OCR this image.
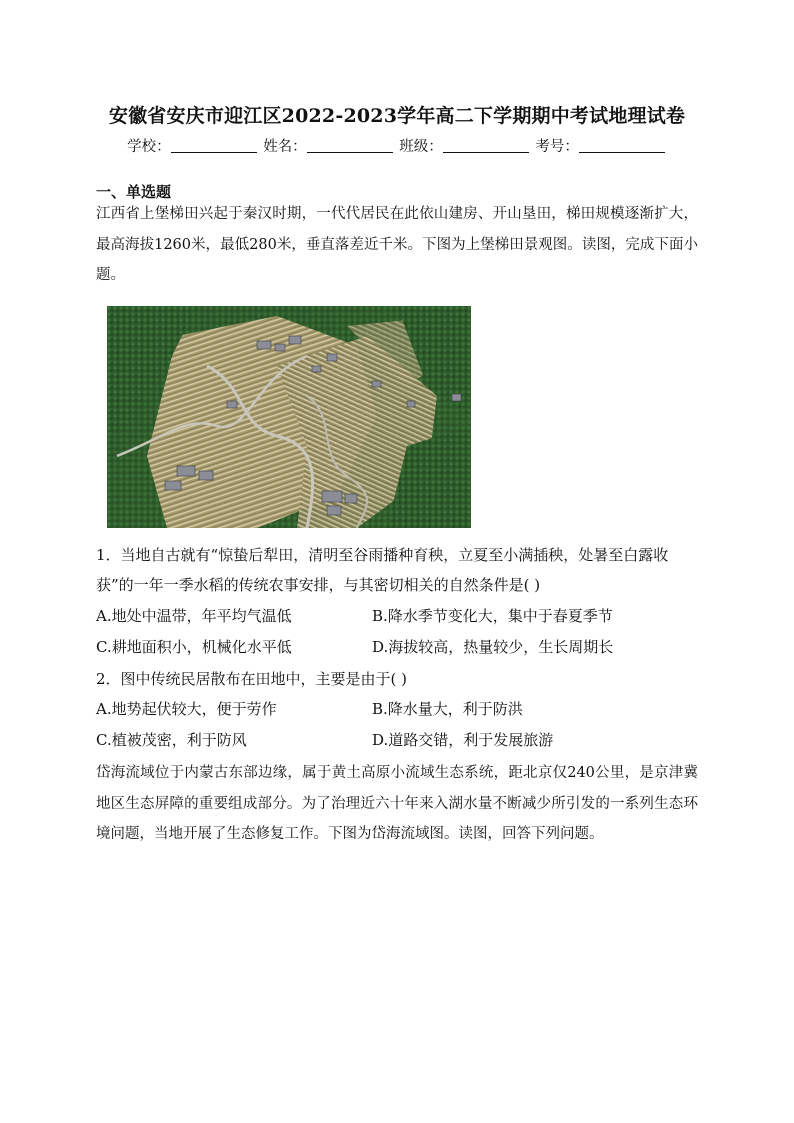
安徽省安庆市迎江区2022-2023学年高二下学期期中考试地理试卷
学校：	姓名：	班级：	考号：
一、单选题
江西省上堡梯田兴起于秦汉时期，一代代居民在此依山建房、开山垦田，梯田规模逐渐扩大，最高海拔1260米，最低280米，垂直落差近千米。下图为上堡梯田景观图。读图，完成下面小题。
1．当地自古就有“惊蛰后犁田，清明至谷雨播种育秧，立夏至小满插秧，处暑至白露收获”的一年一季水稻的传统农事安排，与其密切相关的自然条件是( )
A.地处中温带，年平均气温低	B.降水季节变化大，集中于春夏季节
C.耕地面积小，机械化水平低	D.海拔较高，热量较少，生长周期长
2．图中传统民居散布在田地中，主要是由于( )
A.地势起伏较大，便于劳作	B.降水量大，利于防洪
C.植被茂密，利于防风	D.道路交错，利于发展旅游
岱海流域位于内蒙古东部边缘，属于黄土高原小流域生态系统，距北京仅240公里，是京津冀地区生态屏障的重要组成部分。为了治理近六十年来入湖水量不断减少所引发的一系列生态环境问题，当地开展了生态修复工作。下图为岱海流域图。读图，回答下列问题。
